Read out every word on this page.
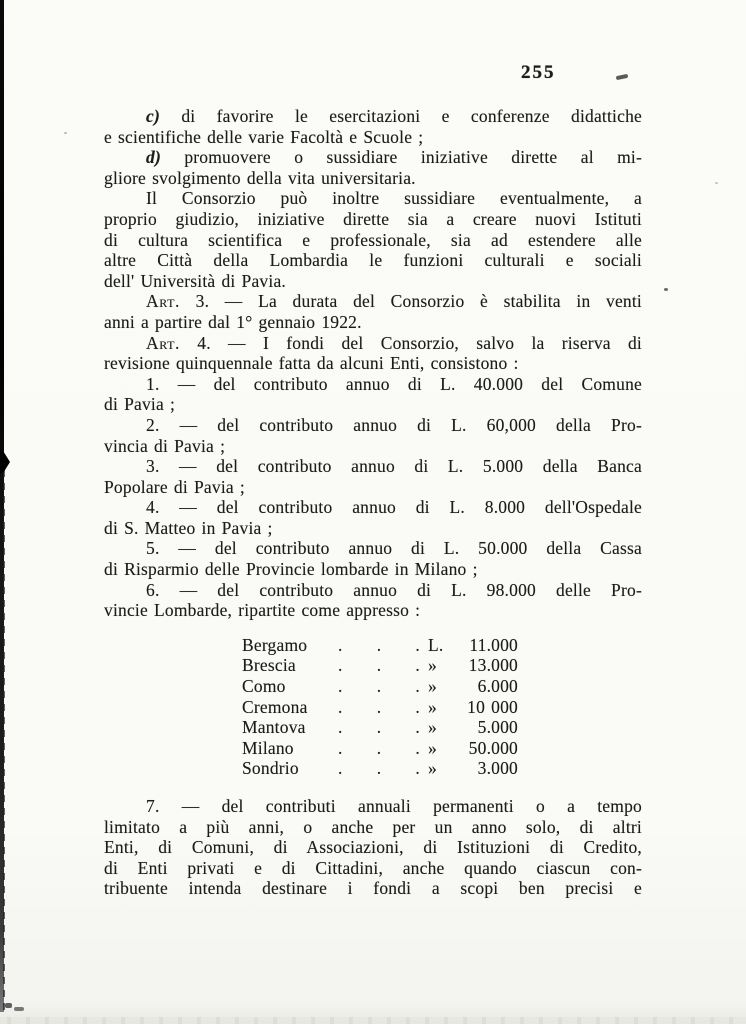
255
c) di favorire le esercitazioni e conferenze didattiche
e scientifiche delle varie Facoltà e Scuole ;
d) promuovere o sussidiare iniziative dirette al mi-
gliore svolgimento della vita universitaria.
Il Consorzio può inoltre sussidiare eventualmente, a
proprio giudizio, iniziative dirette sia a creare nuovi Istituti
di cultura scientifica e professionale, sia ad estendere alle
altre Città della Lombardia le funzioni culturali e sociali
dell' Università di Pavia.
Art. 3. — La durata del Consorzio è stabilita in venti
anni a partire dal 1° gennaio 1922.
Art. 4. — I fondi del Consorzio, salvo la riserva di
revisione quinquennale fatta da alcuni Enti, consistono :
1. — del contributo annuo di L. 40.000 del Comune
di Pavia ;
2. — del contributo annuo di L. 60,000 della Pro-
vincia di Pavia ;
3. — del contributo annuo di L. 5.000 della Banca
Popolare di Pavia ;
4. — del contributo annuo di L. 8.000 dell'Ospedale
di S. Matteo in Pavia ;
5. — del contributo annuo di L. 50.000 della Cassa
di Risparmio delle Provincie lombarde in Milano ;
6. — del contributo annuo di L. 98.000 delle Pro-
vincie Lombarde, ripartite come appresso :
Bergamo	. . . L.	11.000
Brescia	. . . »	13.000
Como	. . . »	6.000
Cremona	. . . »	10 000
Mantova	. . . »	5.000
Milano	. . . »	50.000
Sondrio	. . . »	3.000
7. — del contributi annuali permanenti o a tempo
limitato a più anni, o anche per un anno solo, di altri
Enti, di Comuni, di Associazioni, di Istituzioni di Credito,
di Enti privati e di Cittadini, anche quando ciascun con-
tribuente intenda destinare i fondi a scopi ben precisi e
